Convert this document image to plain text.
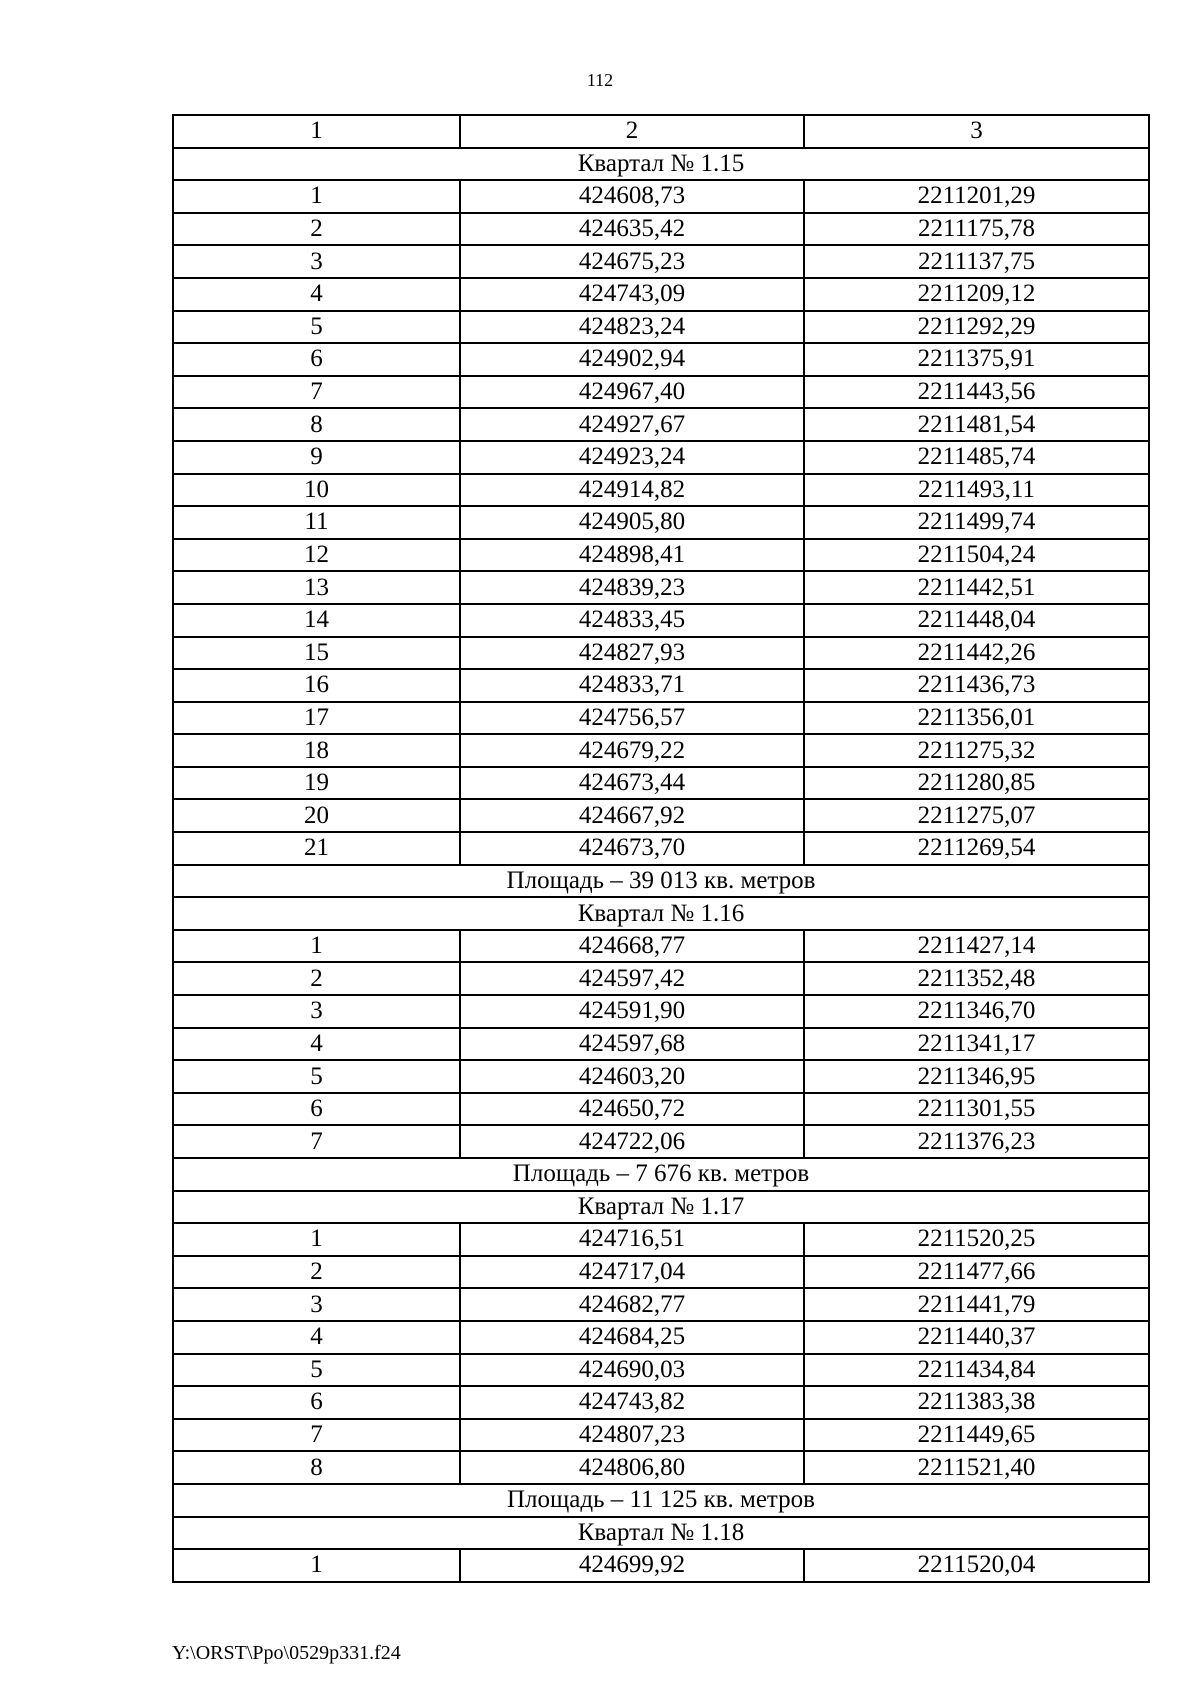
112
1	2	3
Квартал № 1.15		
1	424608,73	2211201,29
2	424635,42	2211175,78
3	424675,23	2211137,75
4	424743,09	2211209,12
5	424823,24	2211292,29
6	424902,94	2211375,91
7	424967,40	2211443,56
8	424927,67	2211481,54
9	424923,24	2211485,74
10	424914,82	2211493,11
11	424905,80	2211499,74
12	424898,41	2211504,24
13	424839,23	2211442,51
14	424833,45	2211448,04
15	424827,93	2211442,26
16	424833,71	2211436,73
17	424756,57	2211356,01
18	424679,22	2211275,32
19	424673,44	2211280,85
20	424667,92	2211275,07
21	424673,70	2211269,54
Площадь – 39 013 кв. метров		
Квартал № 1.16		
1	424668,77	2211427,14
2	424597,42	2211352,48
3	424591,90	2211346,70
4	424597,68	2211341,17
5	424603,20	2211346,95
6	424650,72	2211301,55
7	424722,06	2211376,23
Площадь – 7 676 кв. метров		
Квартал № 1.17		
1	424716,51	2211520,25
2	424717,04	2211477,66
3	424682,77	2211441,79
4	424684,25	2211440,37
5	424690,03	2211434,84
6	424743,82	2211383,38
7	424807,23	2211449,65
8	424806,80	2211521,40
Площадь – 11 125 кв. метров		
Квартал № 1.18		
1	424699,92	2211520,04
Y:\ORST\Ppo\0529p331.f24
